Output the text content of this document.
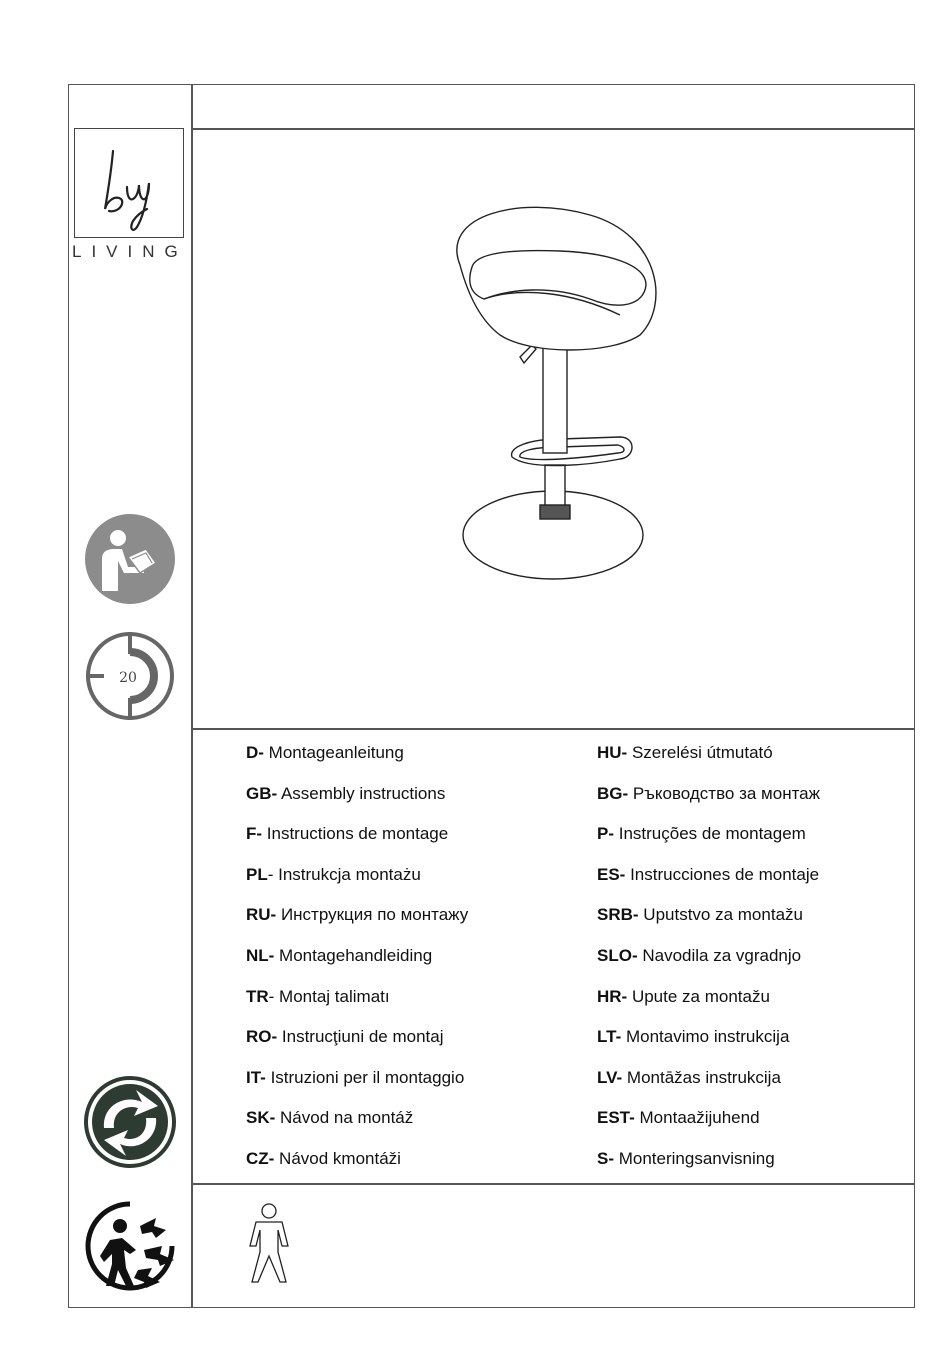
LIVING
20
D- Montageanleitung
GB- Assembly instructions
F- Instructions de montage
PL- Instrukcja montażu
RU- Инструкция по монтажу
NL- Montagehandleiding
TR- Montaj talimatı
RO- Instrucţiuni de montaj
IT- Istruzioni per il montaggio
SK- Návod na montáž
CZ- Návod kmontáži
HU- Szerelési útmutató
BG- Ръководство за монтаж
P- Instruções de montagem
ES- Instrucciones de montaje
SRB- Uputstvo za montažu
SLO- Navodila za vgradnjo
HR- Upute za montažu
LT- Montavimo instrukcija
LV- Montāžas instrukcija
EST- Montaažijuhend
S- Monteringsanvisning
